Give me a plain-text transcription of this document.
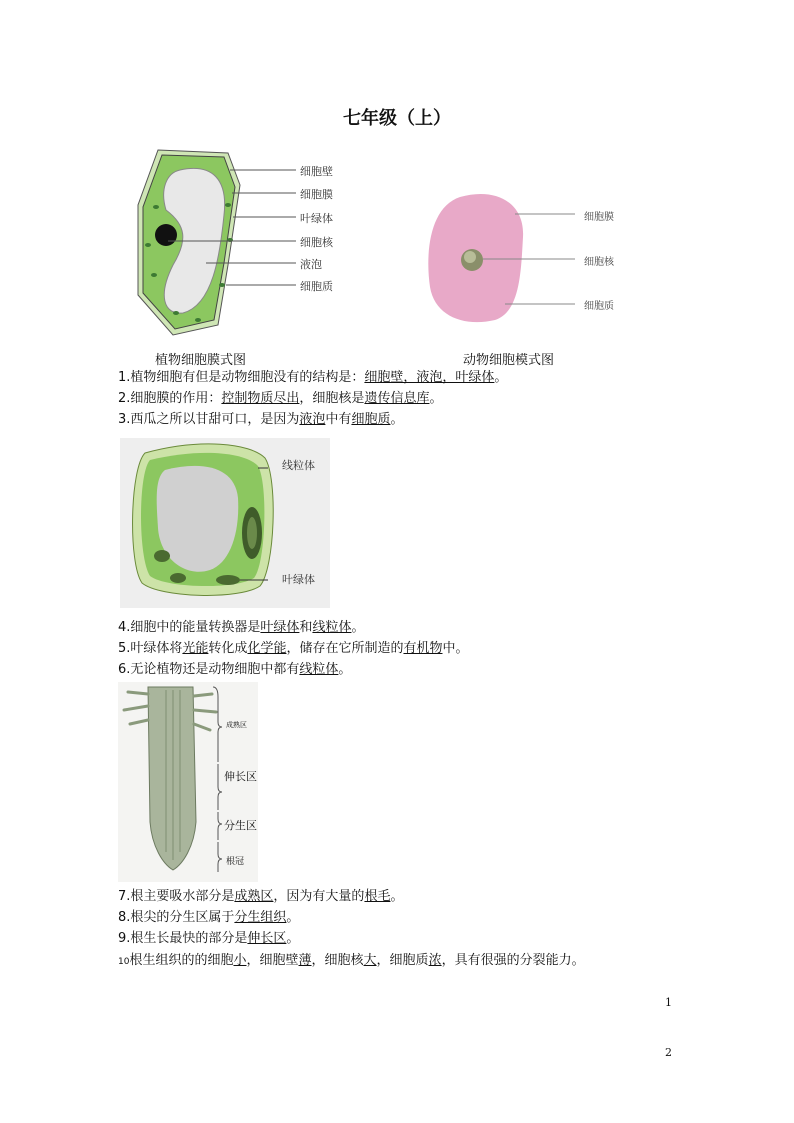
七年级（上）
细胞壁
细胞膜
叶绿体
细胞核
液泡
细胞质
细胞膜
细胞核
细胞质
植物细胞膜式图	动物细胞模式图
1.植物细胞有但是动物细胞没有的结构是：细胞壁，液泡，叶绿体。
2.细胞膜的作用：控制物质尽出，细胞核是遗传信息库。
3.西瓜之所以甘甜可口，是因为液泡中有细胞质。
线粒体
叶绿体
4.细胞中的能量转换器是叶绿体和线粒体。
5.叶绿体将光能转化成化学能，储存在它所制造的有机物中。
6.无论植物还是动物细胞中都有线粒体。
成熟区
伸长区
分生区
根冠
7.根主要吸水部分是成熟区，因为有大量的根毛。
8.根尖的分生区属于分生组织。
9.根生长最快的部分是伸长区。
10根生组织的的细胞小，细胞壁薄，细胞核大，细胞质浓，具有很强的分裂能力。
1
2
